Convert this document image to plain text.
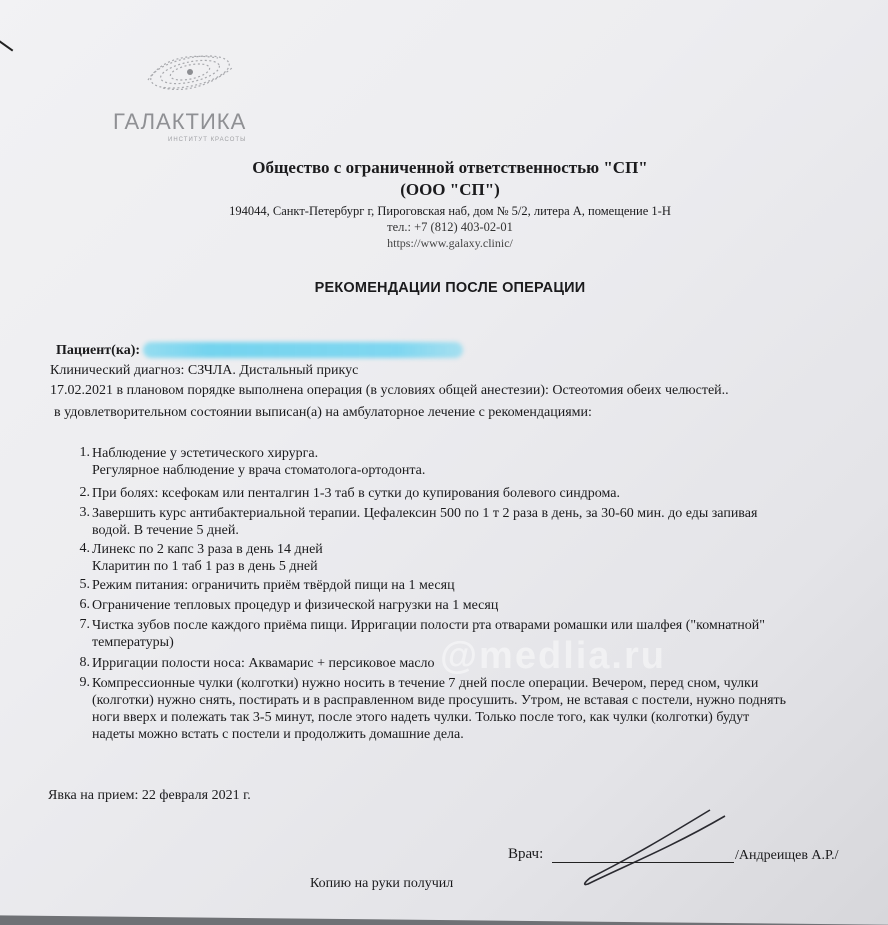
ГАЛАКТИКА
ИНСТИТУТ КРАСОТЫ
Общество с ограниченной ответственностью "СП"
(ООО "СП")
194044, Санкт-Петербург г, Пироговская наб, дом № 5/2, литера А, помещение 1-Н
тел.: +7 (812) 403-02-01
https://www.galaxy.clinic/
РЕКОМЕНДАЦИИ ПОСЛЕ ОПЕРАЦИИ
Пациент(ка):
Клинический диагноз: СЗЧЛА. Дистальный прикус
17.02.2021 в плановом порядке выполнена операция (в условиях общей анестезии): Остеотомия обеих челюстей..
в удовлетворительном состоянии выписан(а) на амбулаторное лечение с рекомендациями:
1. Наблюдение у эстетического хирурга.
Регулярное наблюдение у врача стоматолога-ортодонта.
2. При болях: ксефокам или пенталгин 1-3 таб в сутки до купирования болевого синдрома.
3. Завершить курс антибактериальной терапии. Цефалексин 500 по 1 т 2 раза в день, за 30-60 мин. до еды запивая
водой. В течение 5 дней.
4. Линекс по 2 капс 3 раза в день 14 дней
Кларитин по 1 таб 1 раз в день 5 дней
5. Режим питания: ограничить приём твёрдой пищи на 1 месяц
6. Ограничение тепловых процедур и физической нагрузки на 1 месяц
7. Чистка зубов после каждого приёма пищи. Ирригации полости рта отварами ромашки или шалфея ("комнатной"
температуры)
8. Ирригации полости носа: Аквамарис + персиковое масло
9. Компрессионные чулки (колготки) нужно носить в течение 7 дней после операции. Вечером, перед сном, чулки
(колготки) нужно снять, постирать и в расправленном виде просушить. Утром, не вставая с постели, нужно поднять
ноги вверх и полежать так 3-5 минут, после этого надеть чулки. Только после того, как чулки (колготки) будут
надеты можно встать с постели и продолжить домашние дела.
@medlia.ru
Явка на прием: 22 февраля 2021 г.
Врач:	/Андреищев А.Р./
Копию на руки получил
